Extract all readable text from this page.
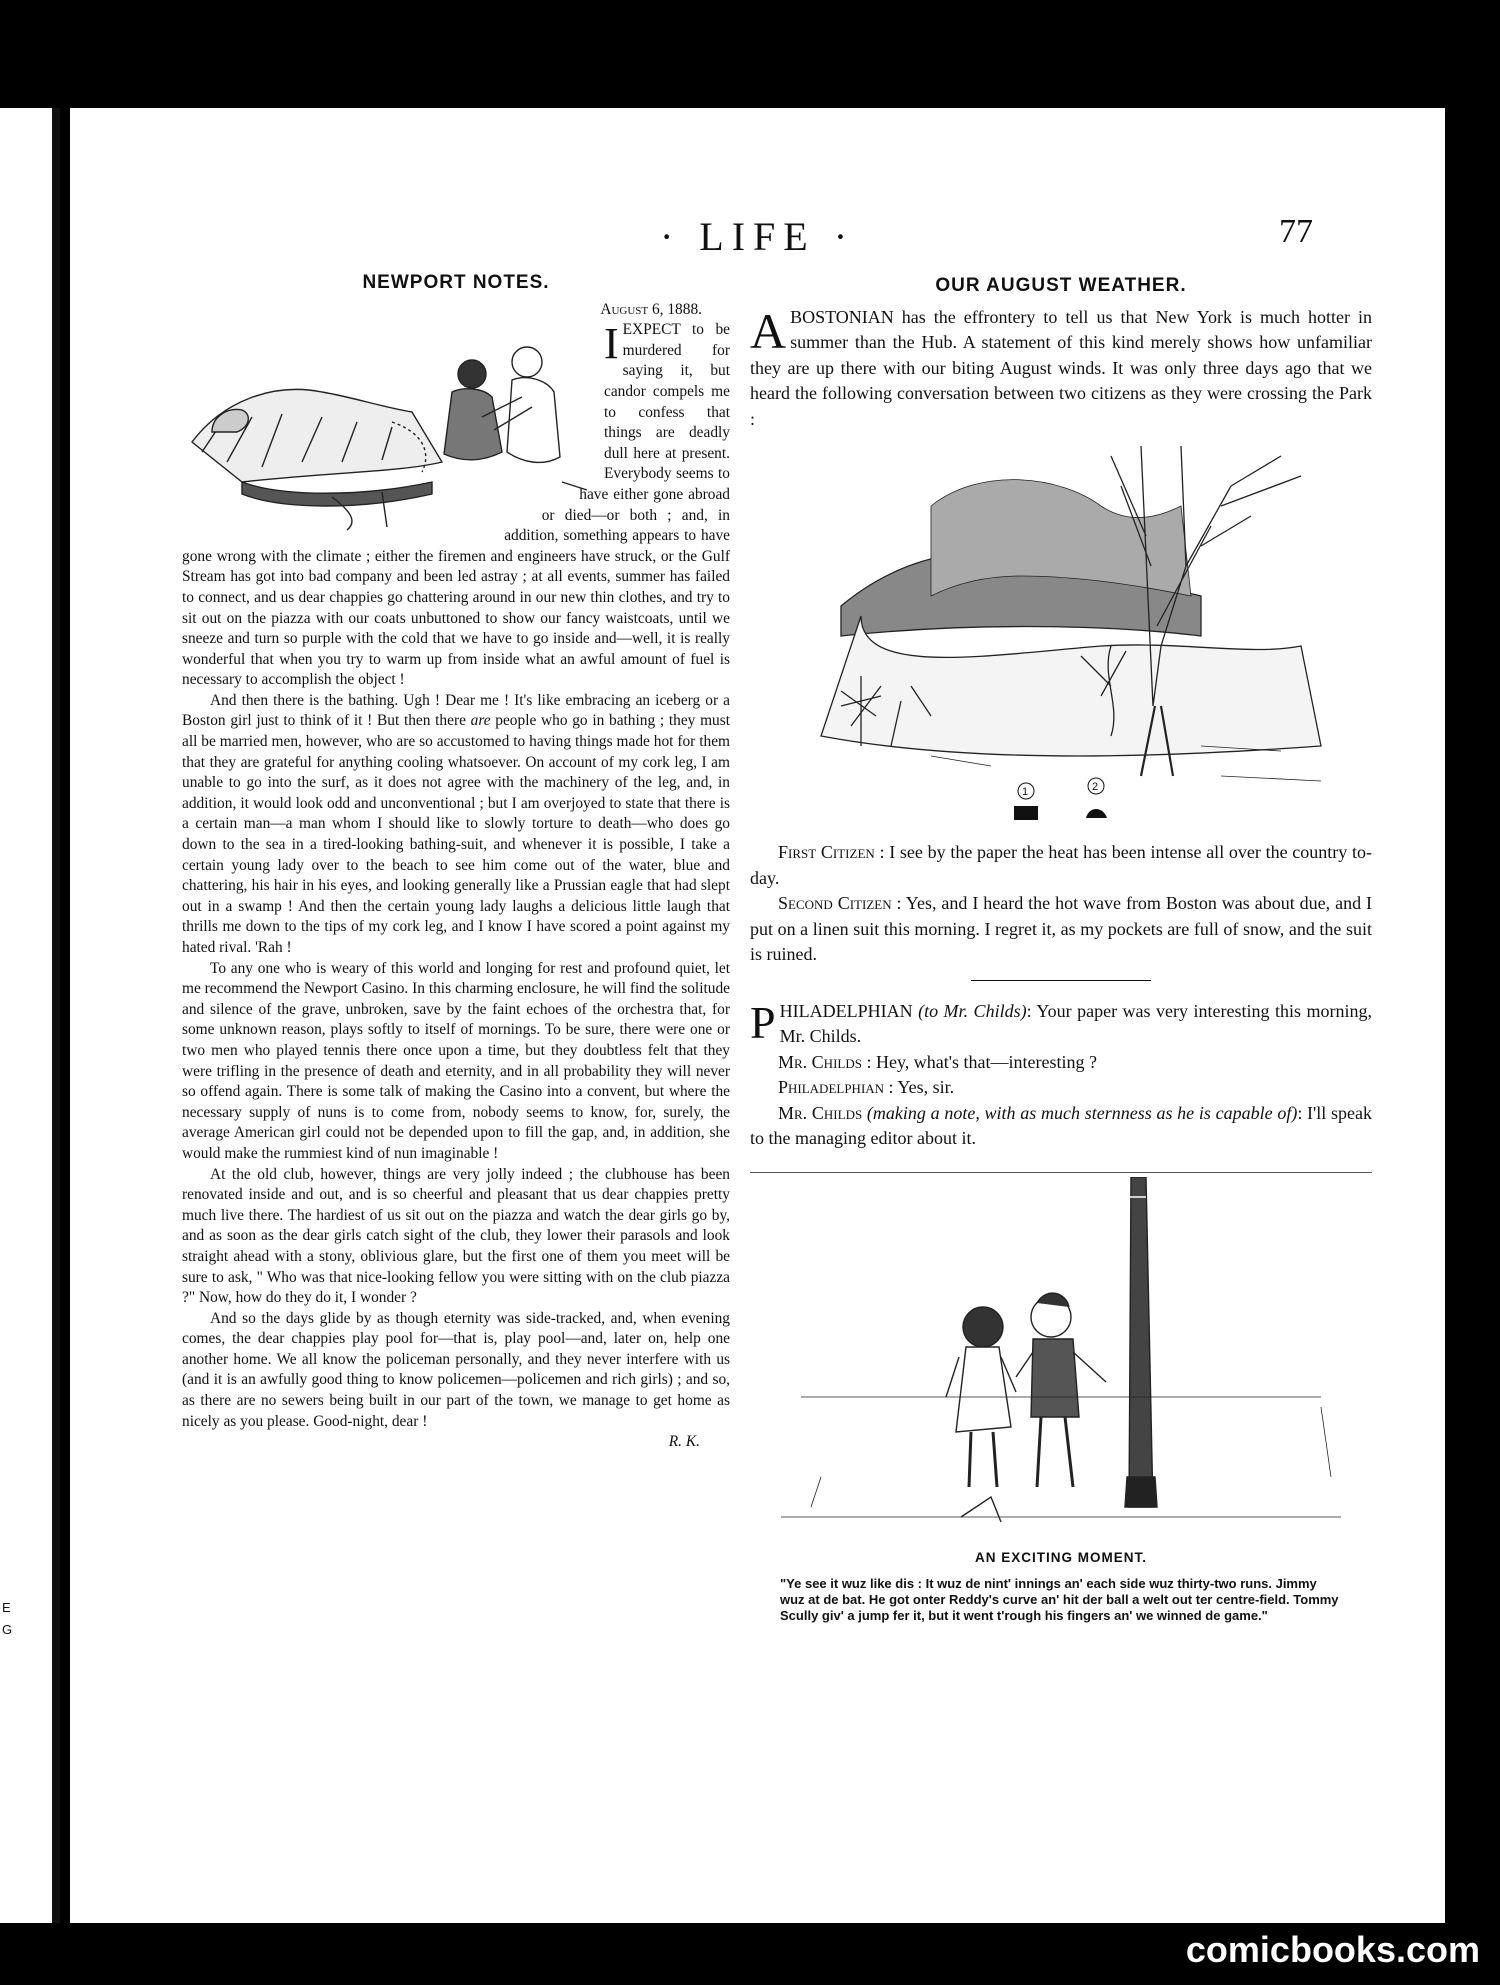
E
G
· LIFE ·	77
NEWPORT NOTES.
August 6, 1888.
I EXPECT to be murdered for saying it, but candor compels me to confess that things are deadly dull here at present. Everybody seems to have either gone abroad or died—or both ; and, in addition, something appears to have gone wrong with the climate ; either the firemen and engineers have struck, or the Gulf Stream has got into bad company and been led astray ; at all events, summer has failed to connect, and us dear chappies go chattering around in our new thin clothes, and try to sit out on the piazza with our coats unbuttoned to show our fancy waistcoats, until we sneeze and turn so purple with the cold that we have to go inside and—well, it is really wonderful that when you try to warm up from inside what an awful amount of fuel is necessary to accomplish the object !

And then there is the bathing. Ugh ! Dear me ! It's like embracing an iceberg or a Boston girl just to think of it ! But then there are people who go in bathing ; they must all be married men, however, who are so accustomed to having things made hot for them that they are grateful for anything cooling whatsoever. On account of my cork leg, I am unable to go into the surf, as it does not agree with the machinery of the leg, and, in addition, it would look odd and unconventional ; but I am overjoyed to state that there is a certain man—a man whom I should like to slowly torture to death—who does go down to the sea in a tired-looking bathing-suit, and whenever it is possible, I take a certain young lady over to the beach to see him come out of the water, blue and chattering, his hair in his eyes, and looking generally like a Prussian eagle that had slept out in a swamp ! And then the certain young lady laughs a delicious little laugh that thrills me down to the tips of my cork leg, and I know I have scored a point against my hated rival. 'Rah !

To any one who is weary of this world and longing for rest and profound quiet, let me recommend the Newport Casino. In this charming enclosure, he will find the solitude and silence of the grave, unbroken, save by the faint echoes of the orchestra that, for some unknown reason, plays softly to itself of mornings. To be sure, there were one or two men who played tennis there once upon a time, but they doubtless felt that they were trifling in the presence of death and eternity, and in all probability they will never so offend again. There is some talk of making the Casino into a convent, but where the necessary supply of nuns is to come from, nobody seems to know, for, surely, the average American girl could not be depended upon to fill the gap, and, in addition, she would make the rummiest kind of nun imaginable !

At the old club, however, things are very jolly indeed ; the clubhouse has been renovated inside and out, and is so cheerful and pleasant that us dear chappies pretty much live there. The hardiest of us sit out on the piazza and watch the dear girls go by, and as soon as the dear girls catch sight of the club, they lower their parasols and look straight ahead with a stony, oblivious glare, but the first one of them you meet will be sure to ask, " Who was that nice-looking fellow you were sitting with on the club piazza ?" Now, how do they do it, I wonder ?

And so the days glide by as though eternity was side-tracked, and, when evening comes, the dear chappies play pool for—that is, play pool—and, later on, help one another home. We all know the policeman personally, and they never interfere with us (and it is an awfully good thing to know policemen—policemen and rich girls) ; and so, as there are no sewers being built in our part of the town, we manage to get home as nicely as you please. Good-night, dear !

R. K.
OUR AUGUST WEATHER.
ABOSTONIAN has the effrontery to tell us that New York is much hotter in summer than the Hub. A statement of this kind merely shows how unfamiliar they are up there with our biting August winds. It was only three days ago that we heard the following conversation between two citizens as they were crossing the Park :
1	2

First Citizen : I see by the paper the heat has been intense all over the country to-day.

Second Citizen : Yes, and I heard the hot wave from Boston was about due, and I put on a linen suit this morning. I regret it, as my pockets are full of snow, and the suit is ruined.

PHILADELPHIAN (to Mr. Childs): Your paper was very interesting this morning, Mr. Childs.

Mr. Childs : Hey, what's that—interesting ?

Philadelphian : Yes, sir.

Mr. Childs (making a note, with as much sternness as he is capable of): I'll speak to the managing editor about it.

AN EXCITING MOMENT.
"Ye see it wuz like dis : It wuz de nint' innings an' each side wuz thirty-two runs. Jimmy wuz at de bat. He got onter Reddy's curve an' hit der ball a welt out ter centre-field. Tommy Scully giv' a jump fer it, but it went t'rough his fingers an' we winned de game."
comicbooks.com
